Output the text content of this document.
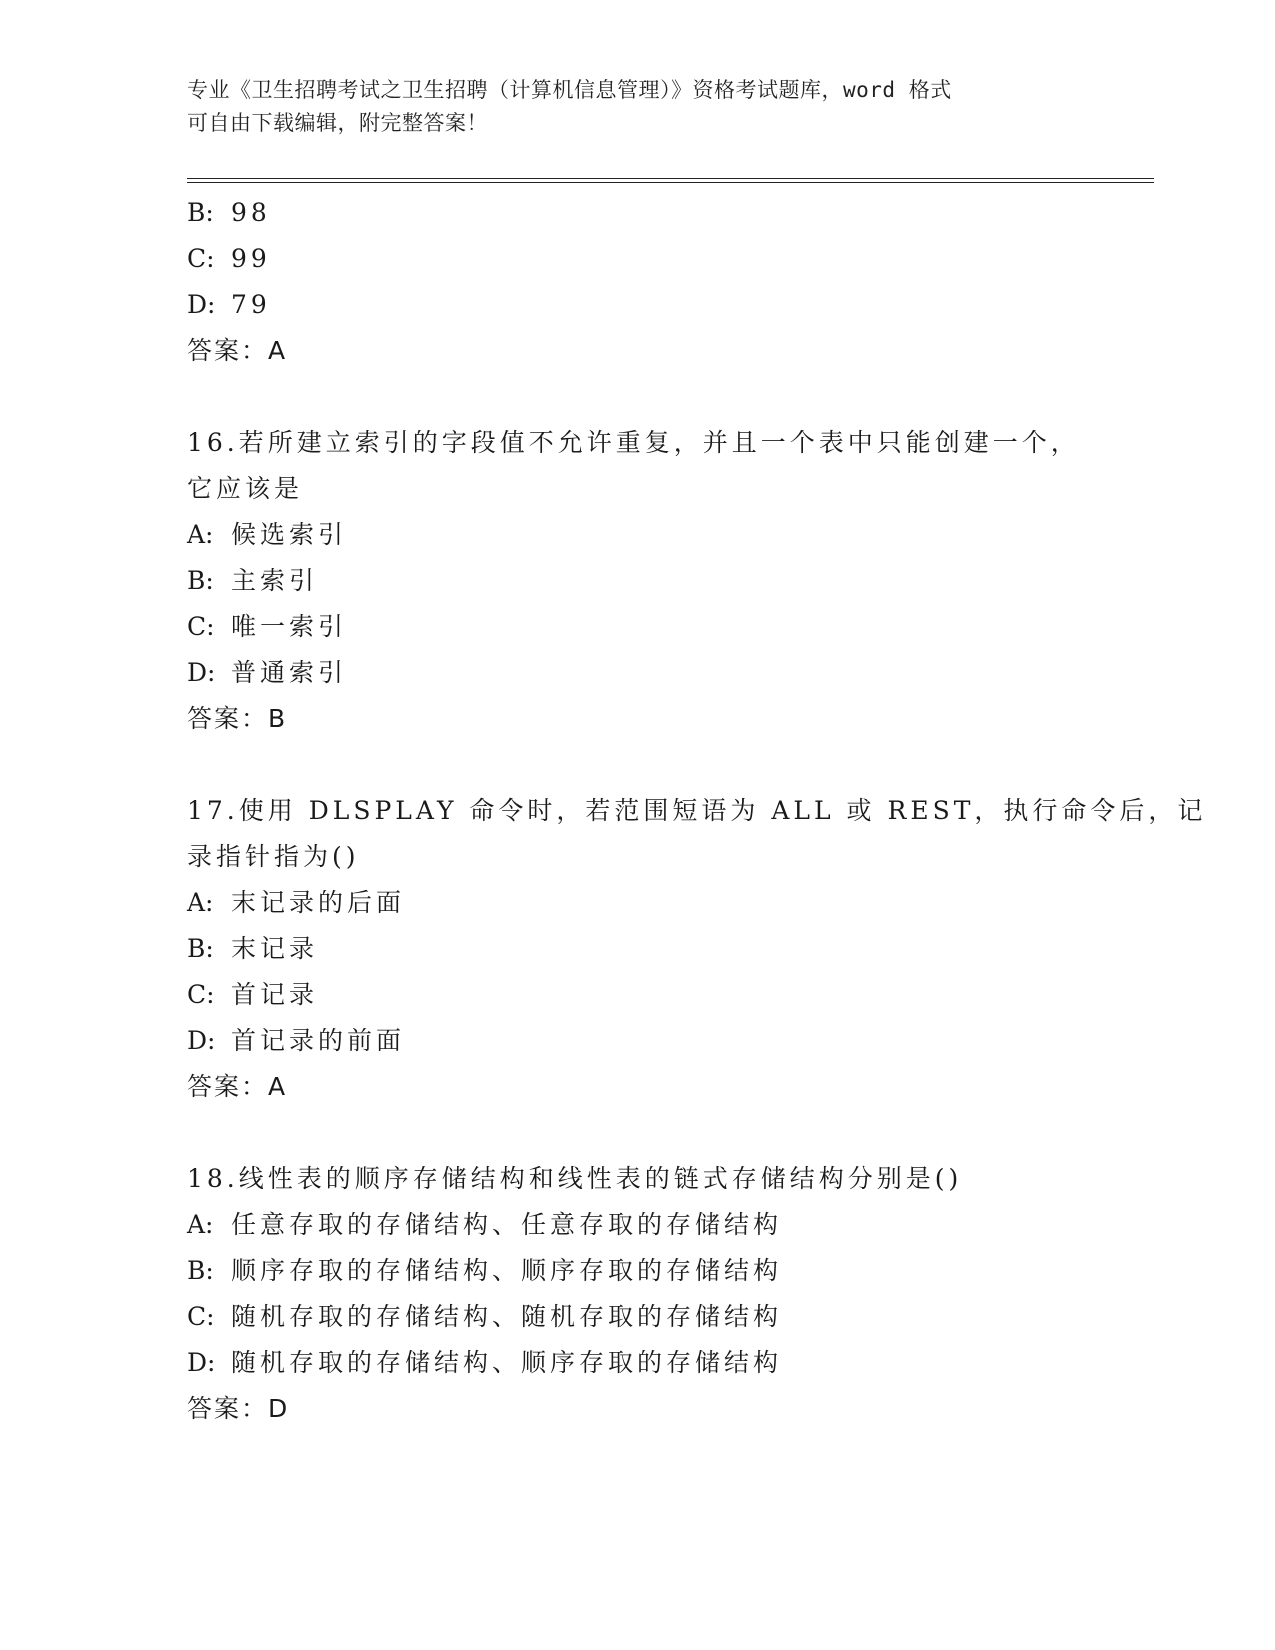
专业《卫生招聘考试之卫生招聘（计算机信息管理）》资格考试题库，word 格式
可自由下载编辑，附完整答案！
B: 98
C: 99
D: 79
答案：A
16.若所建立索引的字段值不允许重复，并且一个表中只能创建一个，
它应该是
A: 候选索引
B: 主索引
C: 唯一索引
D: 普通索引
答案：B
17.使用 DLSPLAY 命令时，若范围短语为 ALL 或 REST，执行命令后，记
录指针指为()
A: 末记录的后面
B: 末记录
C: 首记录
D: 首记录的前面
答案：A
18.线性表的顺序存储结构和线性表的链式存储结构分别是()
A: 任意存取的存储结构、任意存取的存储结构
B: 顺序存取的存储结构、顺序存取的存储结构
C: 随机存取的存储结构、随机存取的存储结构
D: 随机存取的存储结构、顺序存取的存储结构
答案：D
